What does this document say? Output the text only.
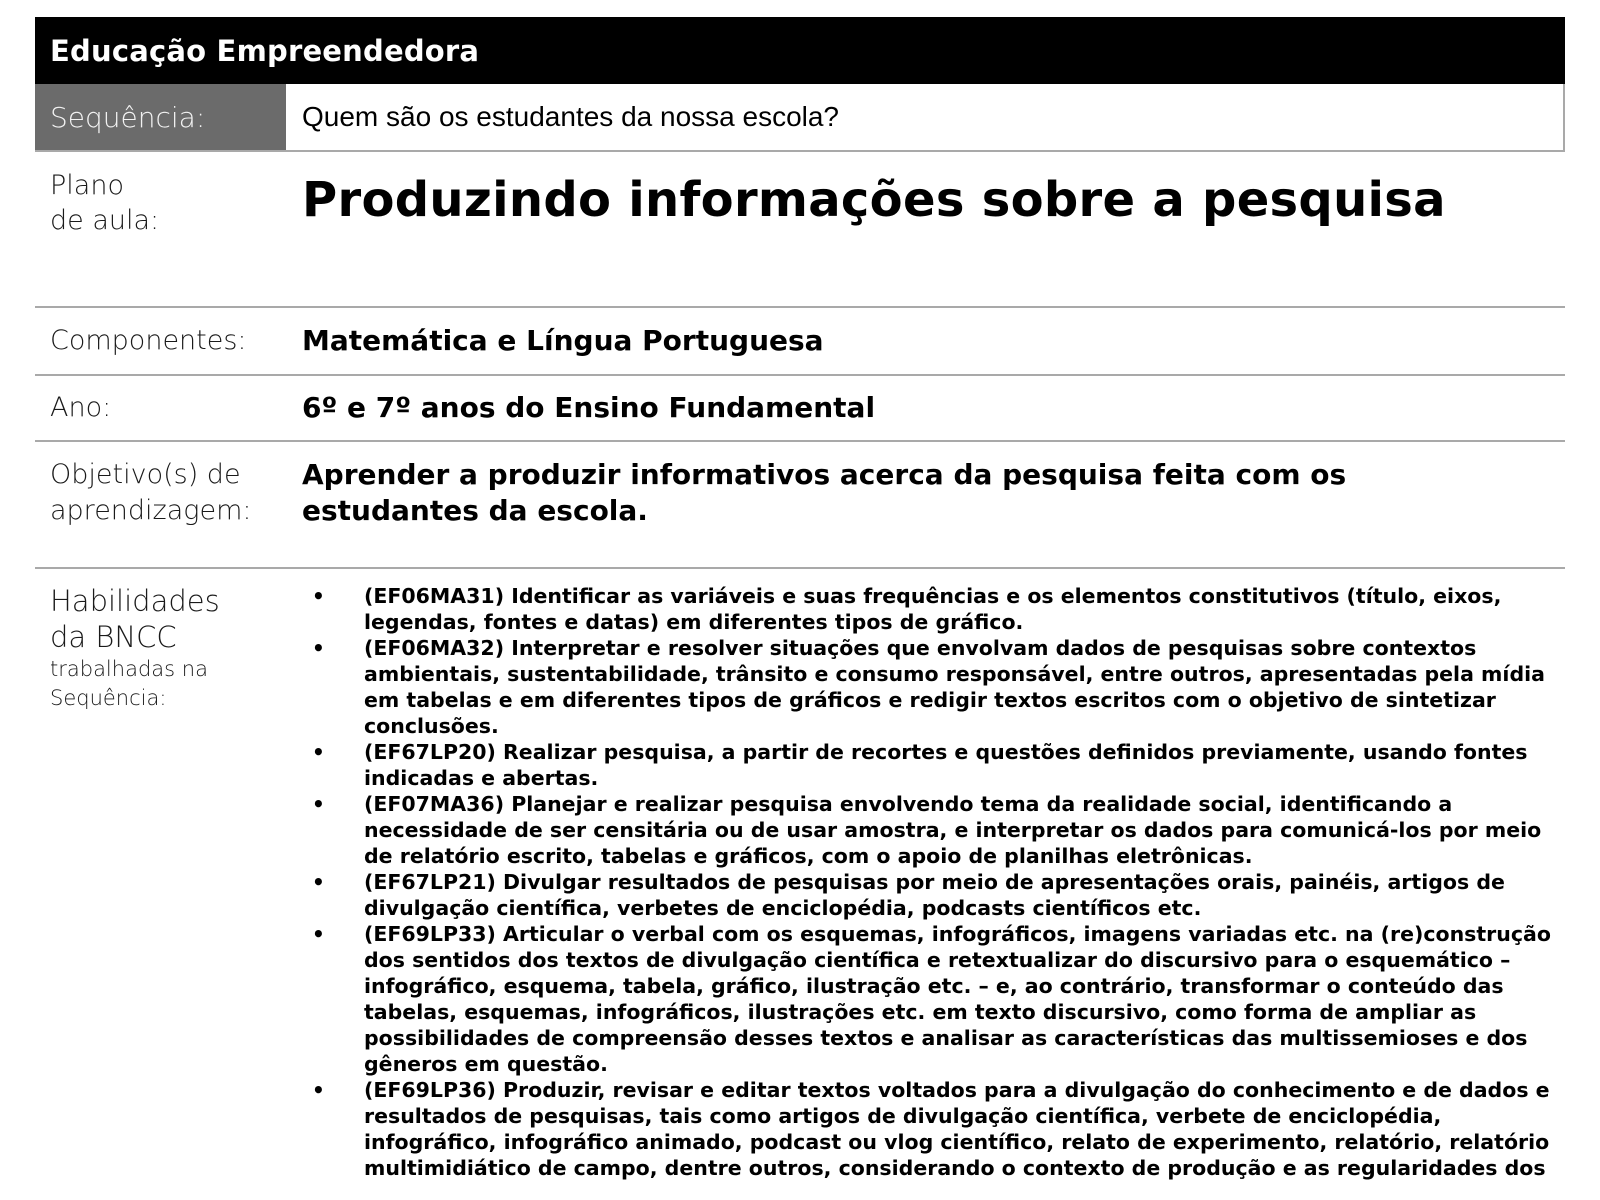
Educação Empreendedora
Sequência:	Quem são os estudantes da nossa escola?
Plano
de aula:	Produzindo informações sobre a pesquisa
Componentes:	Matemática e Língua Portuguesa
Ano:	6º e 7º anos do Ensino Fundamental
Objetivo(s) de
aprendizagem:
Aprender a produzir informativos acerca da pesquisa feita com os estudantes da escola.
Habilidades
da BNCC
trabalhadas na
Sequência:
•	(EF06MA31) Identificar as variáveis e suas frequências e os elementos constitutivos (título, eixos, legendas, fontes e datas) em diferentes tipos de gráfico.
•	(EF06MA32) Interpretar e resolver situações que envolvam dados de pesquisas sobre contextos ambientais, sustentabilidade, trânsito e consumo responsável, entre outros, apresentadas pela mídia em tabelas e em diferentes tipos de gráficos e redigir textos escritos com o objetivo de sintetizar conclusões.
•	(EF67LP20) Realizar pesquisa, a partir de recortes e questões definidos previamente, usando fontes indicadas e abertas.
•	(EF07MA36) Planejar e realizar pesquisa envolvendo tema da realidade social, identificando a necessidade de ser censitária ou de usar amostra, e interpretar os dados para comunicá-los por meio de relatório escrito, tabelas e gráficos, com o apoio de planilhas eletrônicas.
•	(EF67LP21) Divulgar resultados de pesquisas por meio de apresentações orais, painéis, artigos de divulgação científica, verbetes de enciclopédia, podcasts científicos etc.
•	(EF69LP33) Articular o verbal com os esquemas, infográficos, imagens variadas etc. na (re)construção dos sentidos dos textos de divulgação científica e retextualizar do discursivo para o esquemático – infográfico, esquema, tabela, gráfico, ilustração etc. – e, ao contrário, transformar o conteúdo das tabelas, esquemas, infográficos, ilustrações etc. em texto discursivo, como forma de ampliar as possibilidades de compreensão desses textos e analisar as características das multissemioses e dos gêneros em questão.
•	(EF69LP36) Produzir, revisar e editar textos voltados para a divulgação do conhecimento e de dados e resultados de pesquisas, tais como artigos de divulgação científica, verbete de enciclopédia, infográfico, infográfico animado, podcast ou vlog científico, relato de experimento, relatório, relatório multimidiático de campo, dentre outros, considerando o contexto de produção e as regularidades dos
